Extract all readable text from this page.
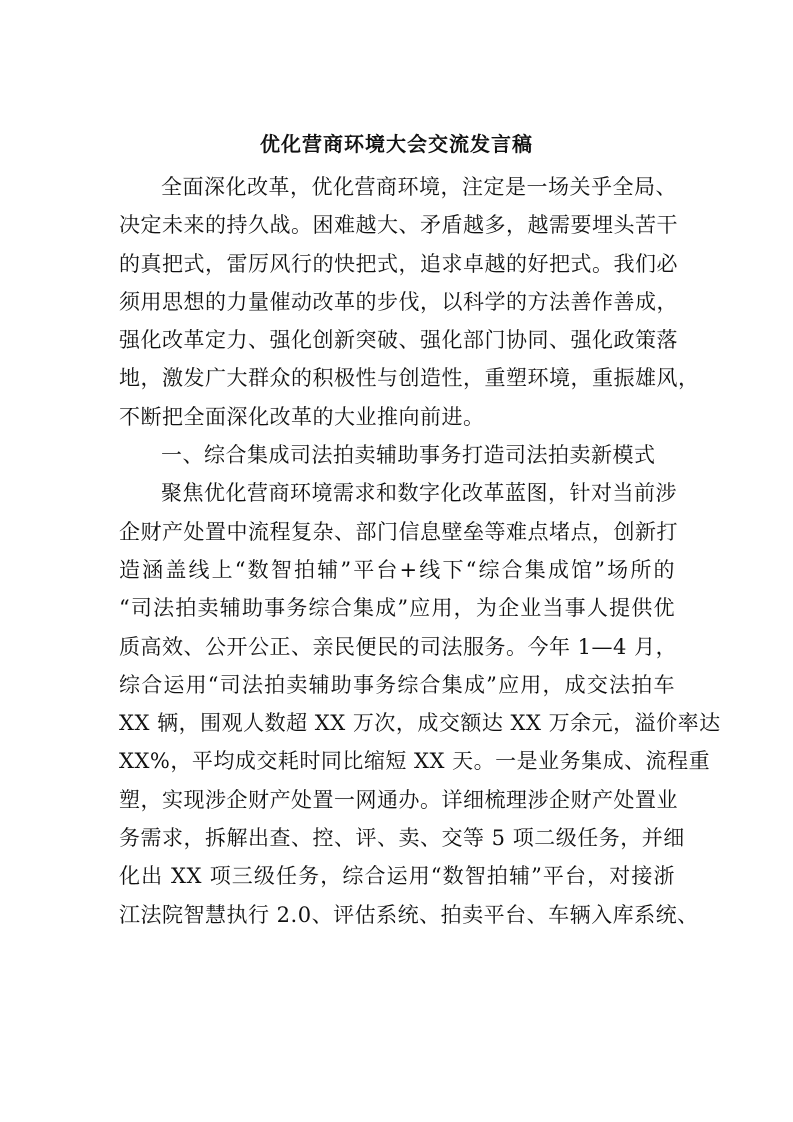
优化营商环境大会交流发言稿
全面深化改革，优化营商环境，注定是一场关乎全局、
决定未来的持久战。困难越大、矛盾越多，越需要埋头苦干
的真把式，雷厉风行的快把式，追求卓越的好把式。我们必
须用思想的力量催动改革的步伐，以科学的方法善作善成，
强化改革定力、强化创新突破、强化部门协同、强化政策落
地，激发广大群众的积极性与创造性，重塑环境，重振雄风，
不断把全面深化改革的大业推向前进。
一、综合集成司法拍卖辅助事务打造司法拍卖新模式
聚焦优化营商环境需求和数字化改革蓝图，针对当前涉
企财产处置中流程复杂、部门信息壁垒等难点堵点，创新打
造涵盖线上“数智拍辅”平台+线下“综合集成馆”场所的
“司法拍卖辅助事务综合集成”应用，为企业当事人提供优
质高效、公开公正、亲民便民的司法服务。今年 1—4 月，
综合运用“司法拍卖辅助事务综合集成”应用，成交法拍车
XX 辆，围观人数超 XX 万次，成交额达 XX 万余元，溢价率达
XX%，平均成交耗时同比缩短 XX 天。一是业务集成、流程重
塑，实现涉企财产处置一网通办。详细梳理涉企财产处置业
务需求，拆解出查、控、评、卖、交等 5 项二级任务，并细
化出 XX 项三级任务，综合运用“数智拍辅”平台，对接浙
江法院智慧执行 2.0、评估系统、拍卖平台、车辆入库系统、
